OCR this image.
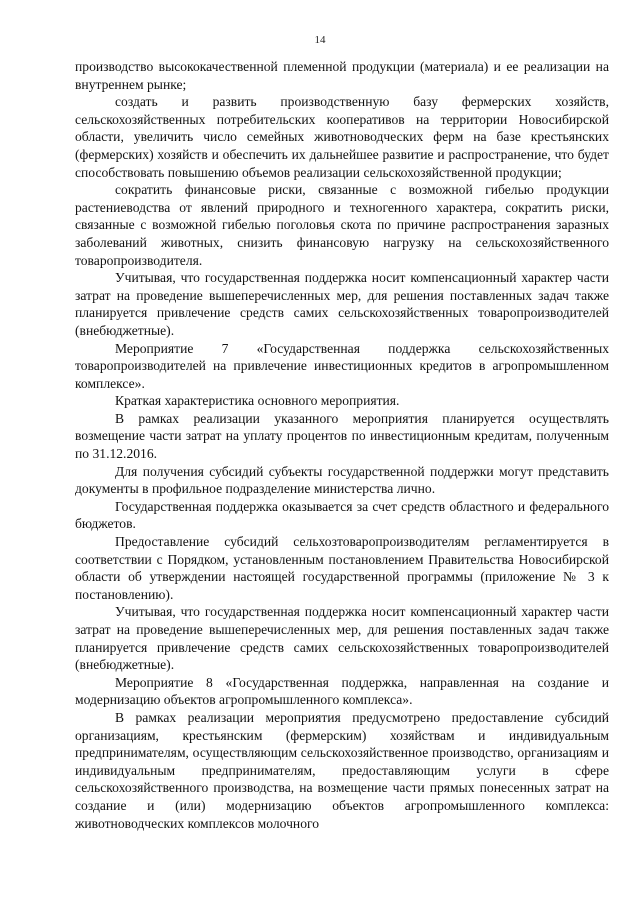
14

производство высококачественной племенной продукции (материала) и ее реализации на внутреннем рынке;

создать и развить производственную базу фермерских хозяйств, сельскохозяйственных потребительских кооперативов на территории Новосибирской области, увеличить число семейных животноводческих ферм на базе крестьянских (фермерских) хозяйств и обеспечить их дальнейшее развитие и распространение, что будет способствовать повышению объемов реализации сельскохозяйственной продукции;

сократить финансовые риски, связанные с возможной гибелью продукции растениеводства от явлений природного и техногенного характера, сократить риски, связанные с возможной гибелью поголовья скота по причине распространения заразных заболеваний животных, снизить финансовую нагрузку на сельскохозяйственного товаропроизводителя.

Учитывая, что государственная поддержка носит компенсационный характер части затрат на проведение вышеперечисленных мер, для решения поставленных задач также планируется привлечение средств самих сельскохозяйственных товаропроизводителей (внебюджетные).

Мероприятие 7 «Государственная поддержка сельскохозяйственных товаропроизводителей на привлечение инвестиционных кредитов в агропромышленном комплексе».

Краткая характеристика основного мероприятия.

В рамках реализации указанного мероприятия планируется осуществлять возмещение части затрат на уплату процентов по инвестиционным кредитам, полученным по 31.12.2016.

Для получения субсидий субъекты государственной поддержки могут представить документы в профильное подразделение министерства лично.

Государственная поддержка оказывается за счет средств областного и федерального бюджетов.

Предоставление субсидий сельхозтоваропроизводителям регламентируется в соответствии с Порядком, установленным постановлением Правительства Новосибирской области об утверждении настоящей государственной программы (приложение № 3 к постановлению).

Учитывая, что государственная поддержка носит компенсационный характер части затрат на проведение вышеперечисленных мер, для решения поставленных задач также планируется привлечение средств самих сельскохозяйственных товаропроизводителей (внебюджетные).

Мероприятие 8 «Государственная поддержка, направленная на создание и модернизацию объектов агропромышленного комплекса».

В рамках реализации мероприятия предусмотрено предоставление субсидий организациям, крестьянским (фермерским) хозяйствам и индивидуальным предпринимателям, осуществляющим сельскохозяйственное производство, организациям и индивидуальным предпринимателям, предоставляющим услуги в сфере сельскохозяйственного производства, на возмещение части прямых понесенных затрат на создание и (или) модернизацию объектов агропромышленного комплекса: животноводческих комплексов молочного
